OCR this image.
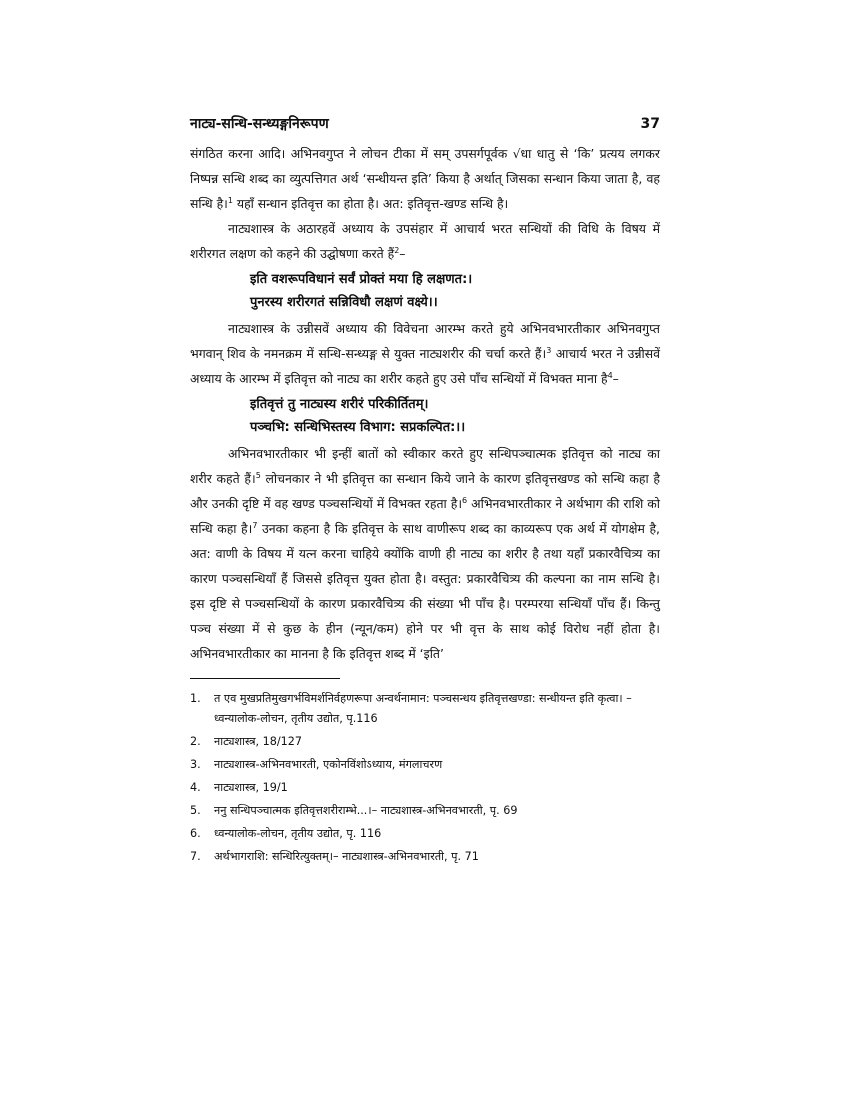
नाट्य-सन्धि-सन्ध्यङ्गनिरूपण	37

संगठित करना आदि। अभिनवगुप्त ने लोचन टीका में सम् उपसर्गपूर्वक √धा धातु से ‘कि’ प्रत्यय लगकर निष्पन्न सन्धि शब्द का व्युत्पत्तिगत अर्थ ‘सन्धीयन्त इति’ किया है अर्थात् जिसका सन्धान किया जाता है, वह सन्धि है।$^1$ यहाँ सन्धान इतिवृत्त का होता है। अत: इतिवृत्त-खण्ड सन्धि है।

नाट्यशास्त्र के अठारहवें अध्याय के उपसंहार में आचार्य भरत सन्धियों की विधि के विषय में शरीरगत लक्षण को कहने की उद्घोषणा करते हैं$^2$–

इति वशरूपविधानं सर्वं प्रोक्तं मया हि लक्षणत:।
पुनरस्य शरीरगतं सन्निविधौ लक्षणं वक्ष्ये।।

नाट्यशास्त्र के उन्नीसवें अध्याय की विवेचना आरम्भ करते हुये अभिनवभारतीकार अभिनवगुप्त भगवान् शिव के नमनक्रम में सन्धि-सन्ध्यङ्ग से युक्त नाट्यशरीर की चर्चा करते हैं।$^3$ आचार्य भरत ने उन्नीसवें अध्याय के आरम्भ में इतिवृत्त को नाट्य का शरीर कहते हुए उसे पाँच सन्धियों में विभक्त माना है$^4$–

इतिवृत्तं तु नाट्यस्य शरीरं परिकीर्तितम्।
पञ्चभि: सन्धिभिस्तस्य विभाग: सप्रकल्पित:।।

अभिनवभारतीकार भी इन्हीं बातों को स्वीकार करते हुए सन्धिपञ्चात्मक इतिवृत्त को नाट्य का शरीर कहते हैं।$^5$ लोचनकार ने भी इतिवृत्त का सन्धान किये जाने के कारण इतिवृत्तखण्ड को सन्धि कहा है और उनकी दृष्टि में वह खण्ड पञ्चसन्धियों में विभक्त रहता है।$^6$ अभिनवभारतीकार ने अर्थभाग की राशि को सन्धि कहा है।$^7$ उनका कहना है कि इतिवृत्त के साथ वाणीरूप शब्द का काव्यरूप एक अर्थ में योगक्षेम है, अत: वाणी के विषय में यत्न करना चाहिये क्योंकि वाणी ही नाट्य का शरीर है तथा यहाँ प्रकारवैचित्र्य का कारण पञ्चसन्धियाँ हैं जिससे इतिवृत्त युक्त होता है। वस्तुत: प्रकारवैचित्र्य की कल्पना का नाम सन्धि है। इस दृष्टि से पञ्चसन्धियों के कारण प्रकारवैचित्र्य की संख्या भी पाँच है। परम्परया सन्धियाँ पाँच हैं। किन्तु पञ्च संख्या में से कुछ के हीन (न्यून/कम) होने पर भी वृत्त के साथ कोई विरोध नहीं होता है। अभिनवभारतीकार का मानना है कि इतिवृत्त शब्द में ‘इति’

1.	त एव मुखप्रतिमुखगर्भविमर्शनिर्वहणरूपा अन्वर्थनामान: पञ्चसन्धय इतिवृत्तखण्डा: सन्धीयन्त इति कृत्वा। –ध्वन्यालोक-लोचन, तृतीय उद्योत, पृ.116
2.	नाट्यशास्त्र, 18/127
3.	नाट्यशास्त्र-अभिनवभारती, एकोनविंशोऽध्याय, मंगलाचरण
4.	नाट्यशास्त्र, 19/1
5.	ननु सन्धिपञ्चात्मक इतिवृत्तशरीराम्भे...।– नाट्यशास्त्र-अभिनवभारती, पृ. 69
6.	ध्वन्यालोक-लोचन, तृतीय उद्योत, पृ. 116
7.	अर्थभागराशि: सन्धिरित्युक्तम्।– नाट्यशास्त्र-अभिनवभारती, पृ. 71
